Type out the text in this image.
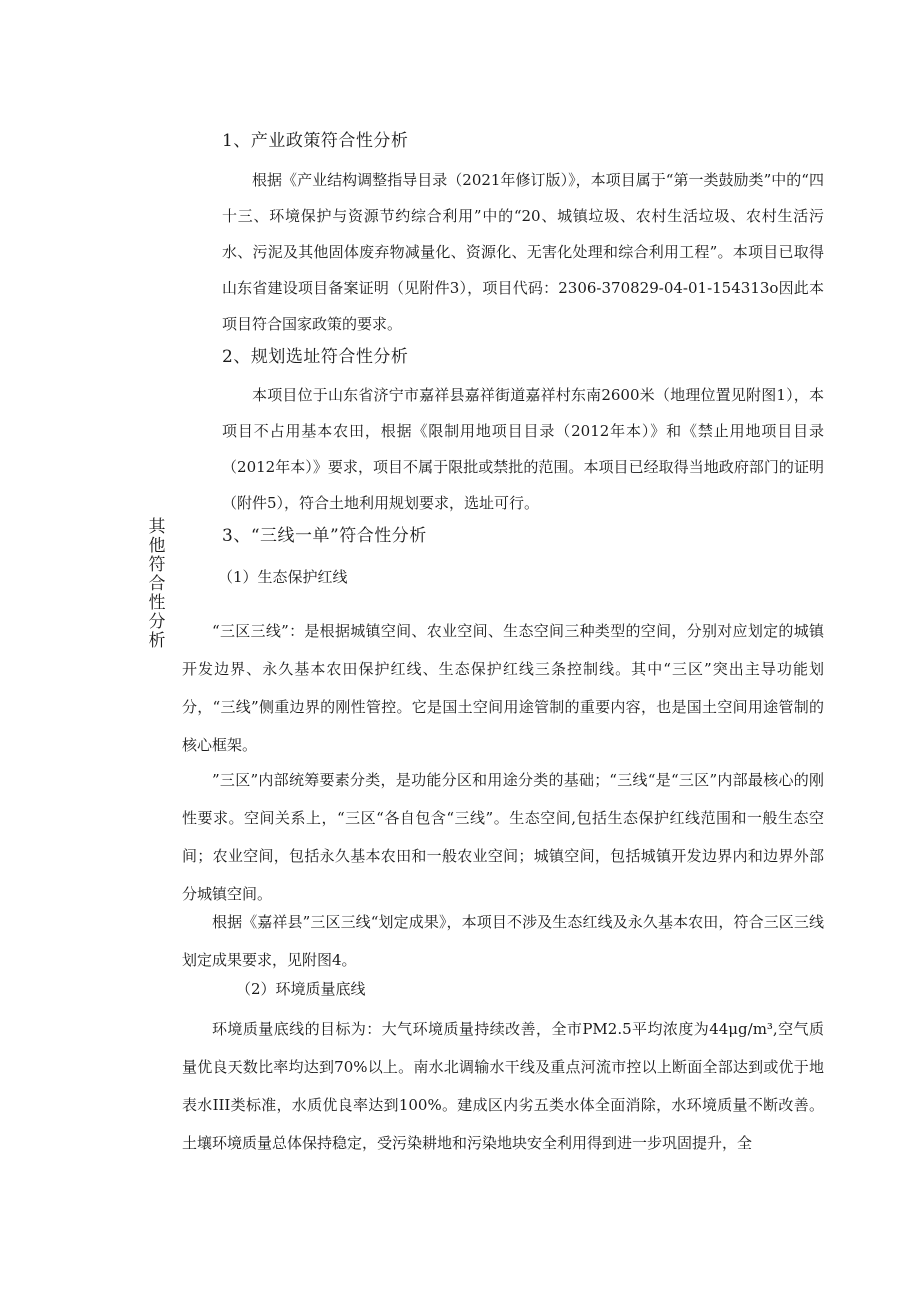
其他符合性分析
1、产业政策符合性分析
根据《产业结构调整指导目录（2021年修订版）》，本项目属于“第一类鼓励类”中的“四十三、环境保护与资源节约综合利用”中的“20、城镇垃圾、农村生活垃圾、农村生活污水、污泥及其他固体废弃物减量化、资源化、无害化处理和综合利用工程”。本项目已取得山东省建设项目备案证明（见附件3），项目代码：2306-370829-04-01-154313o因此本项目符合国家政策的要求。
2、规划选址符合性分析
本项目位于山东省济宁市嘉祥县嘉祥街道嘉祥村东南2600米（地理位置见附图1），本项目不占用基本农田，根据《限制用地项目目录（2012年本）》和《禁止用地项目目录（2012年本）》要求，项目不属于限批或禁批的范围。本项目已经取得当地政府部门的证明（附件5），符合土地利用规划要求，选址可行。
3、“三线一单”符合性分析
（1）生态保护红线
“三区三线”：是根据城镇空间、农业空间、生态空间三种类型的空间，分别对应划定的城镇开发边界、永久基本农田保护红线、生态保护红线三条控制线。其中“三区”突出主导功能划分，“三线”侧重边界的刚性管控。它是国土空间用途管制的重要内容，也是国土空间用途管制的核心框架。
”三区”内部统筹要素分类，是功能分区和用途分类的基础；“三线“是“三区”内部最核心的刚性要求。空间关系上，“三区“各自包含“三线”。生态空间,包括生态保护红线范围和一般生态空间；农业空间，包括永久基本农田和一般农业空间；城镇空间，包括城镇开发边界内和边界外部分城镇空间。
根据《嘉祥县”三区三线“划定成果》，本项目不涉及生态红线及永久基本农田，符合三区三线划定成果要求，见附图4。
（2）环境质量底线
环境质量底线的目标为：大气环境质量持续改善，全市PM2.5平均浓度为44μg∕m³,空气质量优良天数比率均达到70%以上。南水北调输水干线及重点河流市控以上断面全部达到或优于地表水III类标准，水质优良率达到100%。建成区内劣五类水体全面消除，水环境质量不断改善。土壤环境质量总体保持稳定，受污染耕地和污染地块安全利用得到进一步巩固提升，全
